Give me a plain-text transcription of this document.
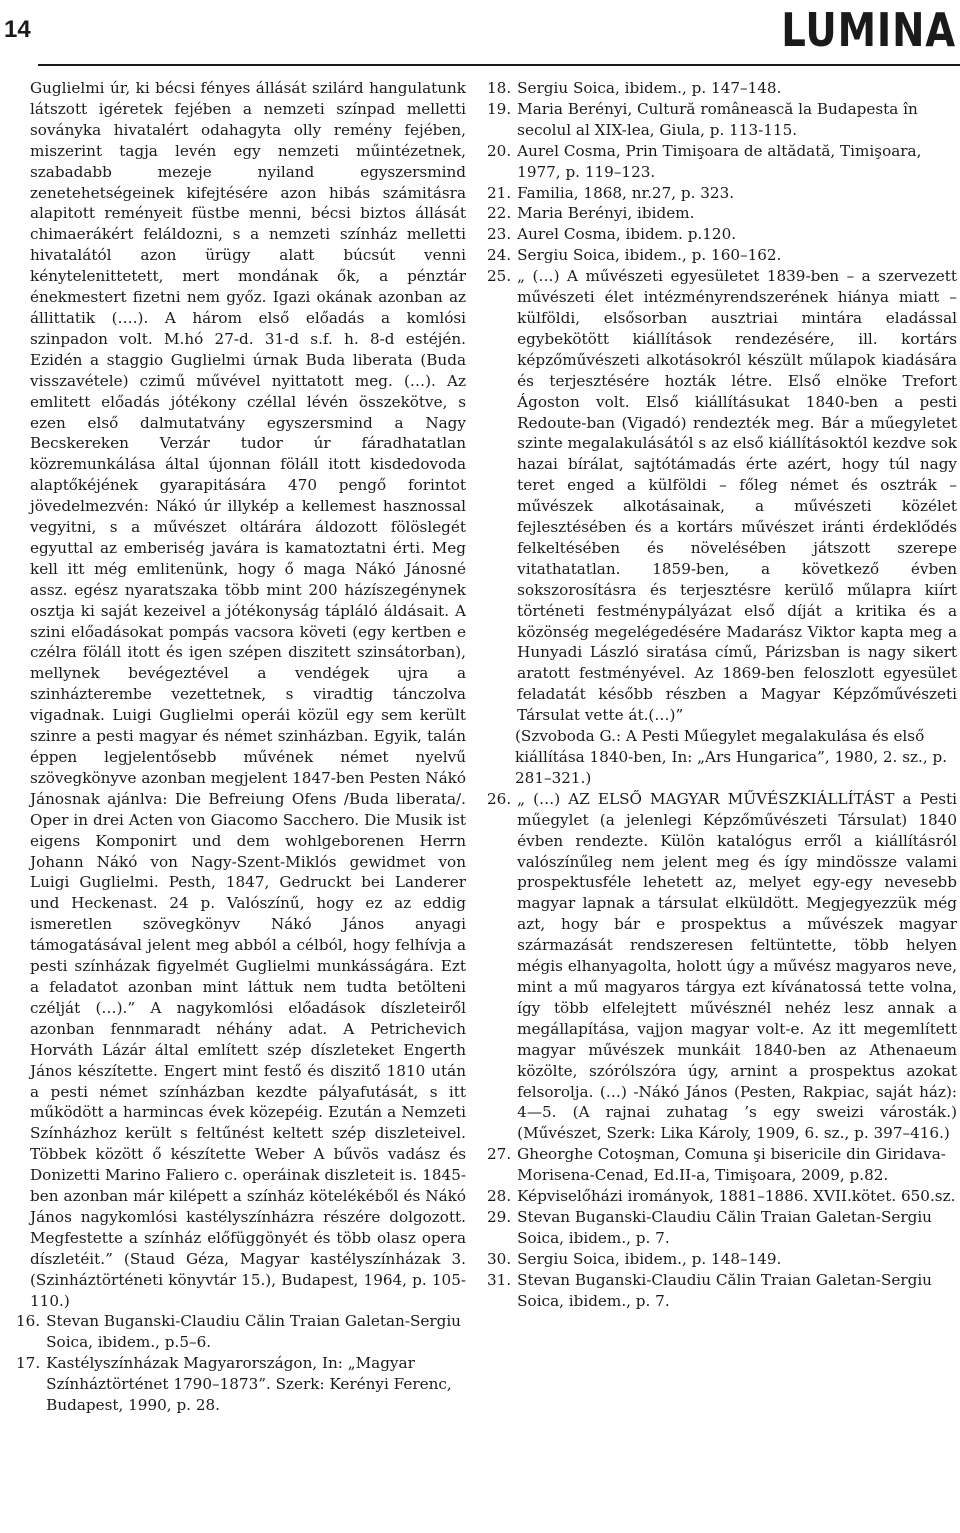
14	LUMINA

Guglielmi úr, ki bécsi fényes állását szilárd hangulatunk látszott igéretek fejében a nemzeti színpad melletti soványka hivatalért odahagyta olly remény fejében, miszerint tagja levén egy nemzeti műintézetnek, szabadabb mezeje nyiland egyszersmind zenetehetségeinek kifejtésére azon hibás számitásra alapitott reményeit füstbe menni, bécsi biztos állását chimaerákért feláldozni, s a nemzeti színház melletti hivatalától azon ürügy alatt búcsút venni kénytelenittetett, mert mondának ők, a pénztár énekmestert fizetni nem győz. Igazi okának azonban az állittatik (….). A három első előadás a komlósi szinpadon volt. M.hó 27-d. 31-d s.f. h. 8-d estéjén. Ezidén a staggio Guglielmi úrnak Buda liberata (Buda visszavétele) czimű művével nyittatott meg. (…). Az emlitett előadás jótékony czéllal lévén összekötve, s ezen első dalmutatvány egyszersmind a Nagy Becskereken Verzár tudor úr fáradhatatlan közremunkálása által újonnan föláll itott kisdedovoda alaptőkéjének gyarapitására 470 pengő forintot jövedelmezvén: Nákó úr illykép a kellemest hasznossal vegyitni, s a művészet oltárára áldozott fölöslegét egyuttal az emberiség javára is kamatoztatni érti. Meg kell itt még emlitenünk, hogy ő maga Nákó Jánosné assz. egész nyaratszaka több mint 200 házíszegénynek osztja ki saját kezeivel a jótékonyság tápláló áldásait. A szini előadásokat pompás vacsora követi (egy kertben e czélra föláll itott és igen szépen diszitett szinsátorban), mellynek bevégeztével a vendégek ujra a szinházterembe vezettetnek, s viradtig tánczolva vigadnak. Luigi Guglielmi operái közül egy sem került szinre a pesti magyar és német szinházban. Egyik, talán éppen legjelentősebb művének német nyelvű szövegkönyve azonban megjelent 1847-ben Pesten Nákó Jánosnak ajánlva: Die Befreiung Ofens /Buda liberata/. Oper in drei Acten von Giacomo Sacchero. Die Musik ist eigens Komponirt und dem wohlgeborenen Herrn Johann Nákó von Nagy-Szent-Miklós gewidmet von Luigi Guglielmi. Pesth, 1847, Gedruckt bei Landerer und Heckenast. 24 p. Valószínű, hogy ez az eddig ismeretlen szövegkönyv Nákó János anyagi támogatásával jelent meg abból a célból, hogy felhívja a pesti színházak figyelmét Guglielmi munkásságára. Ezt a feladatot azonban mint láttuk nem tudta betölteni czélját (…).” A nagykomlósi előadások díszleteiről azonban fennmaradt néhány adat. A Petrichevich Horváth Lázár által említett szép díszleteket Engerth János készítette. Engert mint festő és diszitő 1810 után a pesti német színházban kezdte pályafutását, s itt működött a harmincas évek közepéig. Ezután a Nemzeti Színházhoz került s feltűnést keltett szép diszleteivel. Többek között ő készítette Weber A bűvös vadász és Donizetti Marino Faliero c. operáinak diszleteit is. 1845-ben azonban már kilépett a színház kötelékéből és Nákó János nagykomlósi kastélyszínházra részére dolgozott. Megfestette a színház előfüggönyét és több olasz opera díszletéit.” (Staud Géza, Magyar kastélyszínházak 3. (Szinháztörténeti könyvtár 15.), Budapest, 1964, p. 105-110.)

16. Stevan Buganski-Claudiu Călin Traian Galetan-Sergiu Soica, ibidem., p.5–6.
17. Kastélyszínházak Magyarországon, In: „Magyar Színháztörténet 1790–1873”. Szerk: Kerényi Ferenc, Budapest, 1990, p. 28.
18. Sergiu Soica, ibidem., p. 147–148.
19. Maria Berényi, Cultură românească la Budapesta în secolul al XIX-lea, Giula, p. 113-115.
20. Aurel Cosma, Prin Timişoara de altădată, Timişoara, 1977, p. 119–123.
21. Familia, 1868, nr.27, p. 323.
22. Maria Berényi, ibidem.
23. Aurel Cosma, ibidem. p.120.
24. Sergiu Soica, ibidem., p. 160–162.
25. „ (…) A művészeti egyesületet 1839-ben – a szervezett művészeti élet intézményrendszerének hiánya miatt – külföldi, elsősorban ausztriai mintára eladással egybekötött kiállítások rendezésére, ill. kortárs képzőművészeti alkotásokról készült műlapok kiadására és terjesztésére hozták létre. Első elnöke Trefort Ágoston volt. Első kiállításukat 1840-ben a pesti Redoute-ban (Vigadó) rendezték meg. Bár a műegyletet szinte megalakulásától s az első kiállításoktól kezdve sok hazai bírálat, sajtótámadás érte azért, hogy túl nagy teret enged a külföldi – főleg német és osztrák – művészek alkotásainak, a művészeti közélet fejlesztésében és a kortárs művészet iránti érdeklődés felkeltésében és növelésében játszott szerepe vitathatatlan. 1859-ben, a következő évben sokszorosításra és terjesztésre kerülő műlapra kiírt történeti festménypályázat első díját a kritika és a közönség megelégedésére Madarász Viktor kapta meg a Hunyadi László siratása című, Párizsban is nagy sikert aratott festményével. Az 1869-ben feloszlott egyesület feladatát később részben a Magyar Képzőművészeti Társulat vette át.(…)”
(Szvoboda G.: A Pesti Műegylet megalakulása és első kiállítása 1840-ben, In: „Ars Hungarica”, 1980, 2. sz., p. 281–321.)
26. „ (…) AZ ELSŐ MAGYAR MŰVÉSZKIÁLLÍTÁST a Pesti műegylet (a jelenlegi Képzőművészeti Társulat) 1840 évben rendezte. Külön katalógus erről a kiállításról valószínűleg nem jelent meg és így mindössze valami prospektusféle lehetett az, melyet egy-egy nevesebb magyar lapnak a társulat elküldött. Megjegyezzük még azt, hogy bár e prospektus a művészek magyar származását rendszeresen feltüntette, több helyen mégis elhanyagolta, holott úgy a művész magyaros neve, mint a mű magyaros tárgya ezt kívánatossá tette volna, így több elfelejtett művésznél nehéz lesz annak a megállapítása, vajjon magyar volt-e. Az itt megemlített magyar művészek munkáit 1840-ben az Athenaeum közölte, szórólszóra úgy, arnint a prospektus azokat felsorolja. (…) -Nákó János (Pesten, Rakpiac, saját ház): 4—5. (A rajnai zuhatag ’s egy sweizi városták.) (Művészet, Szerk: Lika Károly, 1909, 6. sz., p. 397–416.)
27. Gheorghe Cotoşman, Comuna şi bisericile din Giridava-Morisena-Cenad, Ed.II-a, Timişoara, 2009, p.82.
28. Képviselőházi irományok, 1881–1886. XVII.kötet. 650.sz.
29. Stevan Buganski-Claudiu Călin Traian Galetan-Sergiu Soica, ibidem., p. 7.
30. Sergiu Soica, ibidem., p. 148–149.
31. Stevan Buganski-Claudiu Călin Traian Galetan-Sergiu Soica, ibidem., p. 7.
